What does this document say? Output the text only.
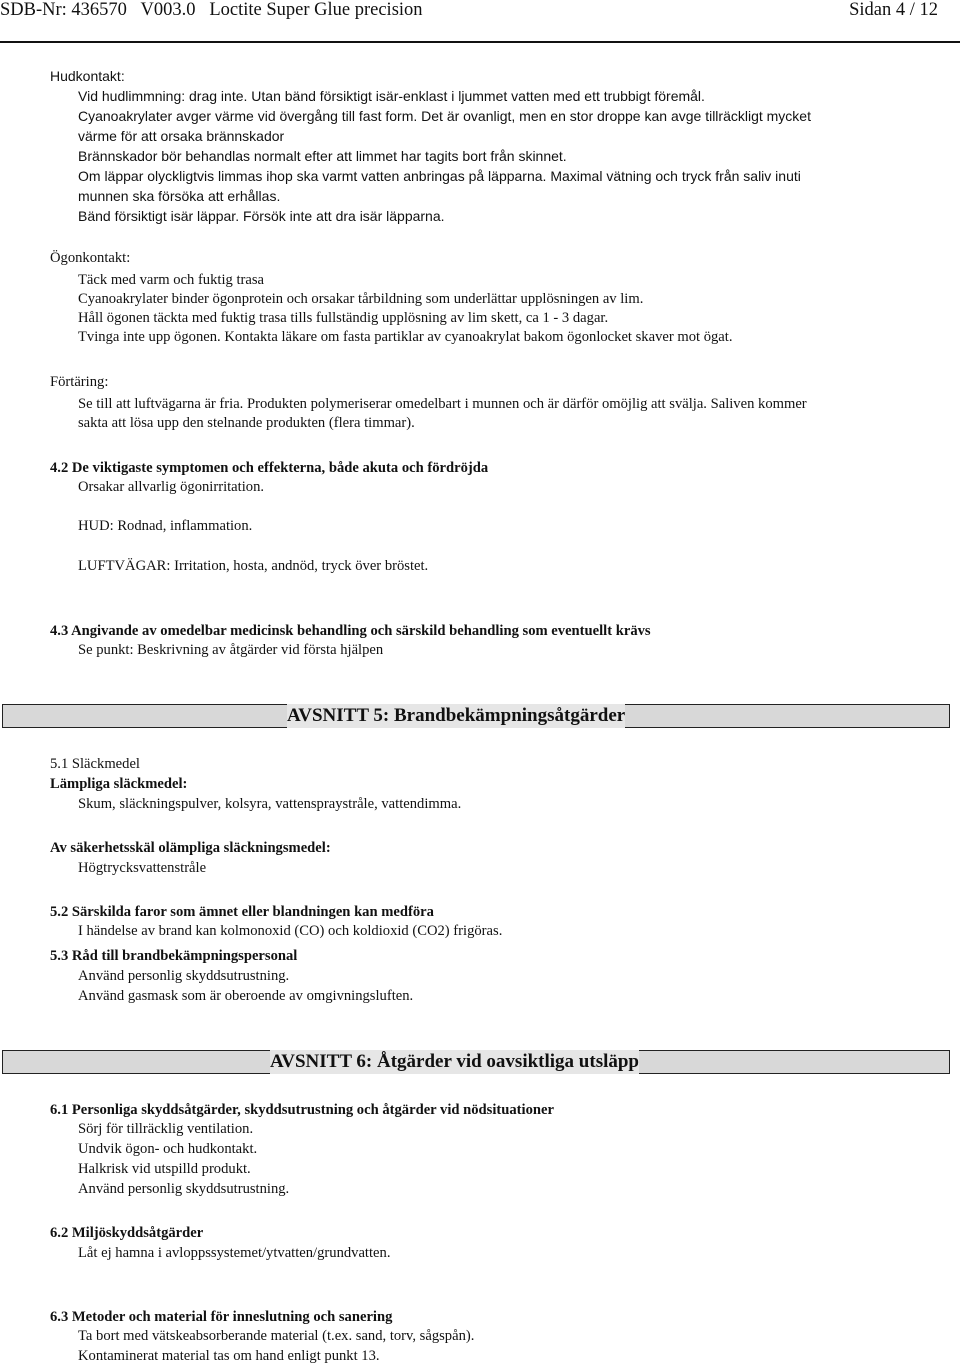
SDB-Nr: 436570   V003.0   Loctite Super Glue precision	Sidan 4 / 12
Hudkontakt:
Vid hudlimmning: drag inte. Utan bänd försiktigt isär-enklast i ljummet vatten med ett trubbigt föremål.
Cyanoakrylater avger värme vid övergång till fast form. Det är ovanligt, men en stor droppe kan avge tillräckligt mycket
värme för att orsaka brännskador
Brännskador bör behandlas normalt efter att limmet har tagits bort från skinnet.
Om läppar olyckligtvis limmas ihop ska varmt vatten anbringas på läpparna. Maximal vätning och tryck från saliv inuti
munnen ska försöka att erhållas.
Bänd försiktigt isär läppar. Försök inte att dra isär läpparna.
Ögonkontakt:
Täck med varm och fuktig trasa
Cyanoakrylater binder ögonprotein och orsakar tårbildning som underlättar upplösningen av lim.
Håll ögonen täckta med fuktig trasa tills fullständig upplösning av lim skett, ca 1 - 3 dagar.
Tvinga inte upp ögonen. Kontakta läkare om fasta partiklar av cyanoakrylat bakom ögonlocket skaver mot ögat.
Förtäring:
Se till att luftvägarna är fria. Produkten polymeriserar omedelbart i munnen och är därför omöjlig att svälja. Saliven kommer
sakta att lösa upp den stelnande produkten (flera timmar).
4.2 De viktigaste symptomen och effekterna, både akuta och fördröjda
Orsakar allvarlig ögonirritation.
HUD: Rodnad, inflammation.
LUFTVÄGAR: Irritation, hosta, andnöd, tryck över bröstet.
4.3 Angivande av omedelbar medicinsk behandling och särskild behandling som eventuellt krävs
Se punkt: Beskrivning av åtgärder vid första hjälpen
AVSNITT 5: Brandbekämpningsåtgärder
5.1 Släckmedel
Lämpliga släckmedel:
Skum, släckningspulver, kolsyra, vattenspraystråle, vattendimma.
Av säkerhetsskäl olämpliga släckningsmedel:
Högtrycksvattenstråle
5.2 Särskilda faror som ämnet eller blandningen kan medföra
I händelse av brand kan kolmonoxid (CO) och koldioxid (CO2) frigöras.
5.3 Råd till brandbekämpningspersonal
Använd personlig skyddsutrustning.
Använd gasmask som är oberoende av omgivningsluften.
AVSNITT 6: Åtgärder vid oavsiktliga utsläpp
6.1 Personliga skyddsåtgärder, skyddsutrustning och åtgärder vid nödsituationer
Sörj för tillräcklig ventilation.
Undvik ögon- och hudkontakt.
Halkrisk vid utspilld produkt.
Använd personlig skyddsutrustning.
6.2 Miljöskyddsåtgärder
Låt ej hamna i avloppssystemet/ytvatten/grundvatten.
6.3 Metoder och material för inneslutning och sanering
Ta bort med vätskeabsorberande material (t.ex. sand, torv, sågspån).
Kontaminerat material tas om hand enligt punkt 13.
